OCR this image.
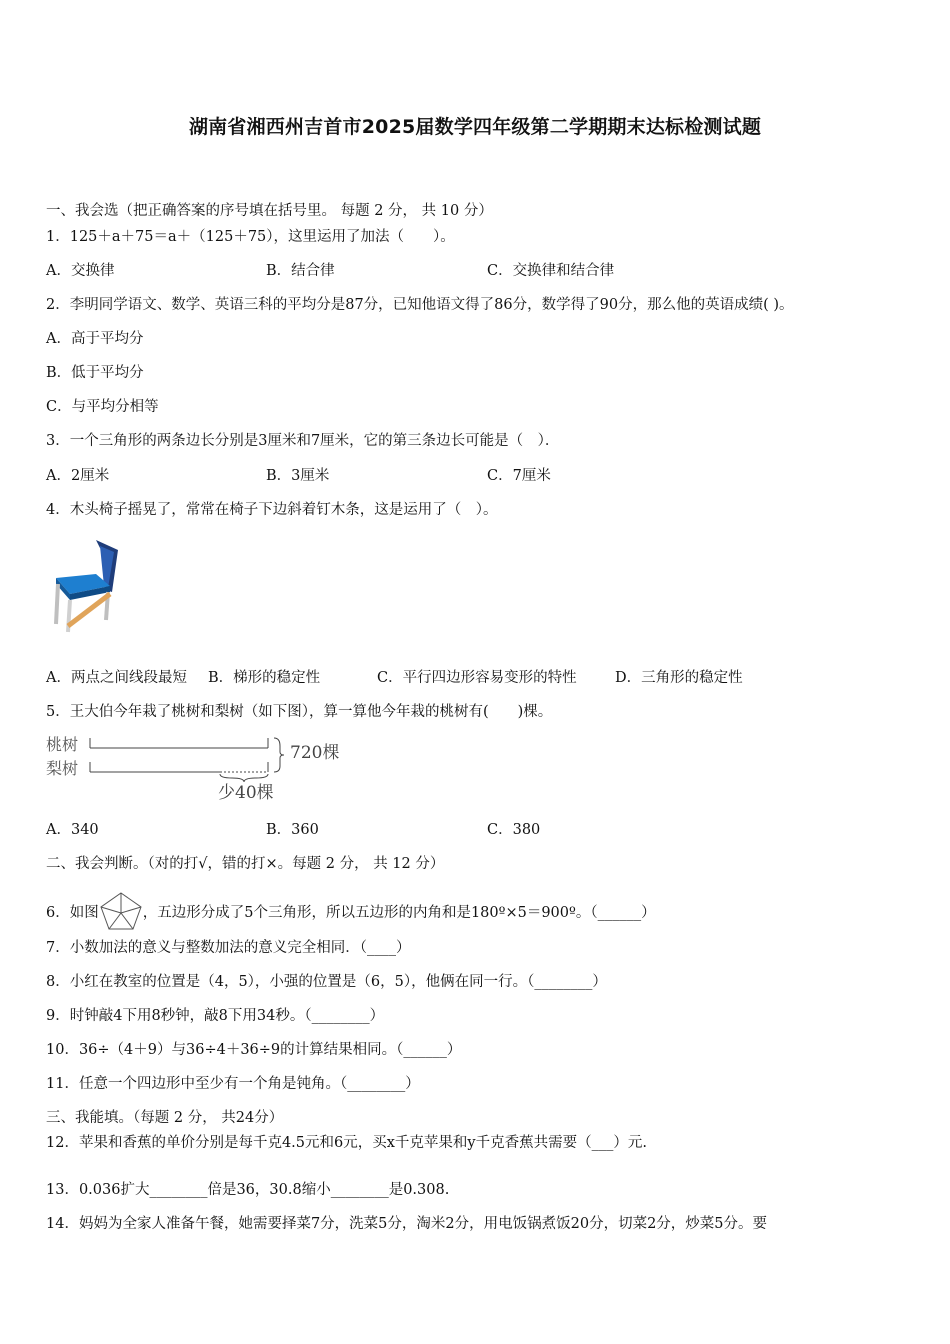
湖南省湘西州吉首市2025届数学四年级第二学期期末达标检测试题
一、我会选（把正确答案的序号填在括号里。 每题 2 分， 共 10 分）
1．125＋a＋75＝a＋（125＋75），这里运用了加法（　　）。
A．交换律	B．结合律	C．交换律和结合律
2．李明同学语文、数学、英语三科的平均分是87分，已知他语文得了86分，数学得了90分，那么他的英语成绩( )。
A．高于平均分
B．低于平均分
C．与平均分相等
3．一个三角形的两条边长分别是3厘米和7厘米，它的第三条边长可能是（　）．
A．2厘米	B．3厘米	C．7厘米
4．木头椅子摇晃了，常常在椅子下边斜着钉木条，这是运用了（　）。
A．两点之间线段最短 B．梯形的稳定性	C．平行四边形容易变形的特性	D．三角形的稳定性
5．王大伯今年栽了桃树和梨树（如下图），算一算他今年栽的桃树有(　　)棵。
桃树
梨树
720棵
少40棵
A．340	B．360	C．380
二、我会判断。（对的打√，错的打×。每题 2 分， 共 12 分）
6．如图	，五边形分成了5个三角形，所以五边形的内角和是180º×5＝900º。（______）
7．小数加法的意义与整数加法的意义完全相同．（____）
8．小红在教室的位置是（4，5），小强的位置是（6，5），他俩在同一行。（________）
9．时钟敲4下用8秒钟，敲8下用34秒。（________）
10．36÷（4＋9）与36÷4＋36÷9的计算结果相同。（______）
11．任意一个四边形中至少有一个角是钝角。（________）
三、我能填。（每题 2 分， 共24分）
12．苹果和香蕉的单价分别是每千克4.5元和6元，买x千克苹果和y千克香蕉共需要（___）元.
13．0.036扩大________倍是36，30.8缩小________是0.308.
14．妈妈为全家人准备午餐，她需要择菜7分，洗菜5分，淘米2分，用电饭锅煮饭20分，切菜2分，炒菜5分。要
